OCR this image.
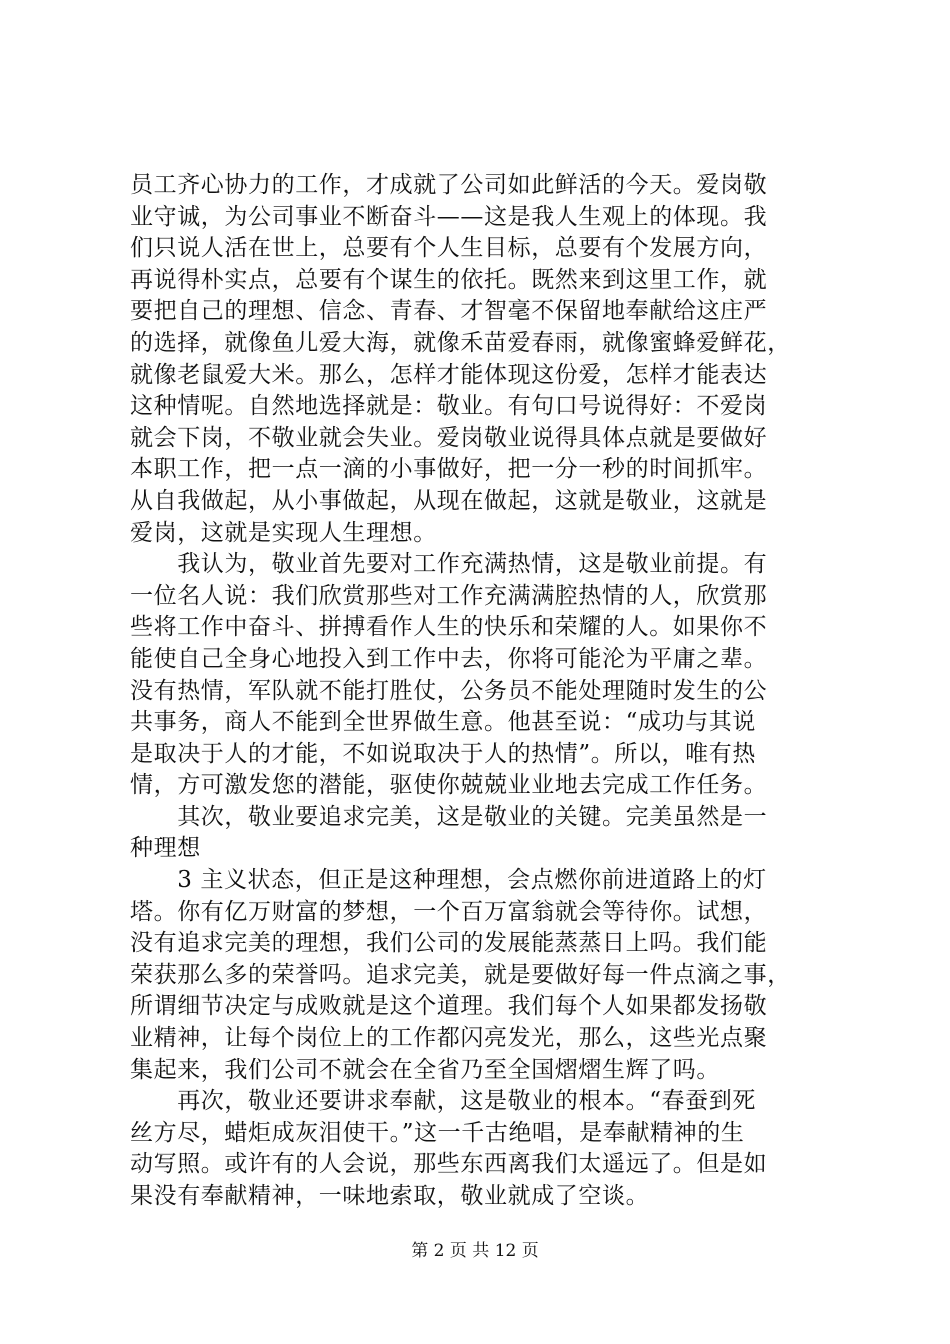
员工齐心协力的工作，才成就了公司如此鲜活的今天。爱岗敬
业守诚，为公司事业不断奋斗——这是我人生观上的体现。我
们只说人活在世上，总要有个人生目标，总要有个发展方向，
再说得朴实点，总要有个谋生的依托。既然来到这里工作，就
要把自己的理想、信念、青春、才智毫不保留地奉献给这庄严
的选择，就像鱼儿爱大海，就像禾苗爱春雨，就像蜜蜂爱鲜花，
就像老鼠爱大米。那么，怎样才能体现这份爱，怎样才能表达
这种情呢。自然地选择就是：敬业。有句口号说得好：不爱岗
就会下岗，不敬业就会失业。爱岗敬业说得具体点就是要做好
本职工作，把一点一滴的小事做好，把一分一秒的时间抓牢。
从自我做起，从小事做起，从现在做起，这就是敬业，这就是
爱岗，这就是实现人生理想。
　　我认为，敬业首先要对工作充满热情，这是敬业前提。有
一位名人说：我们欣赏那些对工作充满满腔热情的人，欣赏那
些将工作中奋斗、拼搏看作人生的快乐和荣耀的人。如果你不
能使自己全身心地投入到工作中去，你将可能沦为平庸之辈。
没有热情，军队就不能打胜仗，公务员不能处理随时发生的公
共事务，商人不能到全世界做生意。他甚至说：“成功与其说
是取决于人的才能，不如说取决于人的热情”。所以，唯有热
情，方可激发您的潜能，驱使你兢兢业业地去完成工作任务。
　　其次，敬业要追求完美，这是敬业的关键。完美虽然是一
种理想
　　3 主义状态，但正是这种理想，会点燃你前进道路上的灯
塔。你有亿万财富的梦想，一个百万富翁就会等待你。试想，
没有追求完美的理想，我们公司的发展能蒸蒸日上吗。我们能
荣获那么多的荣誉吗。追求完美，就是要做好每一件点滴之事，
所谓细节决定与成败就是这个道理。我们每个人如果都发扬敬
业精神，让每个岗位上的工作都闪亮发光，那么，这些光点聚
集起来，我们公司不就会在全省乃至全国熠熠生辉了吗。
　　再次，敬业还要讲求奉献，这是敬业的根本。“春蚕到死
丝方尽，蜡炬成灰泪使干。”这一千古绝唱，是奉献精神的生
动写照。或许有的人会说，那些东西离我们太遥远了。但是如
果没有奉献精神，一味地索取，敬业就成了空谈。
第 2 页 共 12 页
